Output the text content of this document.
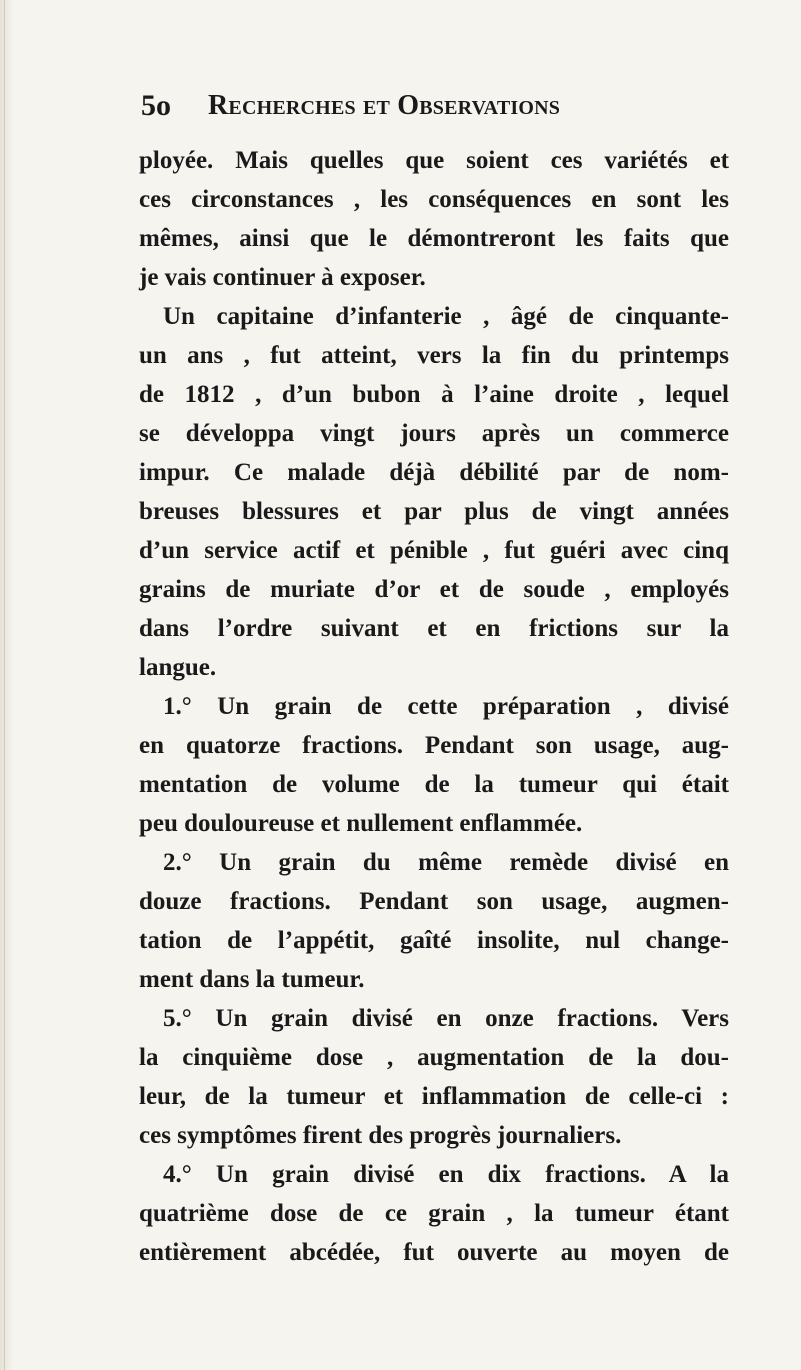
5o Recherches et Observations
ployée. Mais quelles que soient ces variétés et
ces circonstances , les conséquences en sont les
mêmes, ainsi que le démontreront les faits que
je vais continuer à exposer.
Un capitaine d’infanterie , âgé de cinquante-
un ans , fut atteint, vers la fin du printemps
de 1812 , d’un bubon à l’aine droite , lequel
se développa vingt jours après un commerce
impur. Ce malade déjà débilité par de nom-
breuses blessures et par plus de vingt années
d’un service actif et pénible , fut guéri avec cinq
grains de muriate d’or et de soude , employés
dans l’ordre suivant et en frictions sur la
langue.
1.° Un grain de cette préparation , divisé
en quatorze fractions. Pendant son usage, aug-
mentation de volume de la tumeur qui était
peu douloureuse et nullement enflammée.
2.° Un grain du même remède divisé en
douze fractions. Pendant son usage, augmen-
tation de l’appétit, gaîté insolite, nul change-
ment dans la tumeur.
5.° Un grain divisé en onze fractions. Vers
la cinquième dose , augmentation de la dou-
leur, de la tumeur et inflammation de celle-ci :
ces symptômes firent des progrès journaliers.
4.° Un grain divisé en dix fractions. A la
quatrième dose de ce grain , la tumeur étant
entièrement abcédée, fut ouverte au moyen de
